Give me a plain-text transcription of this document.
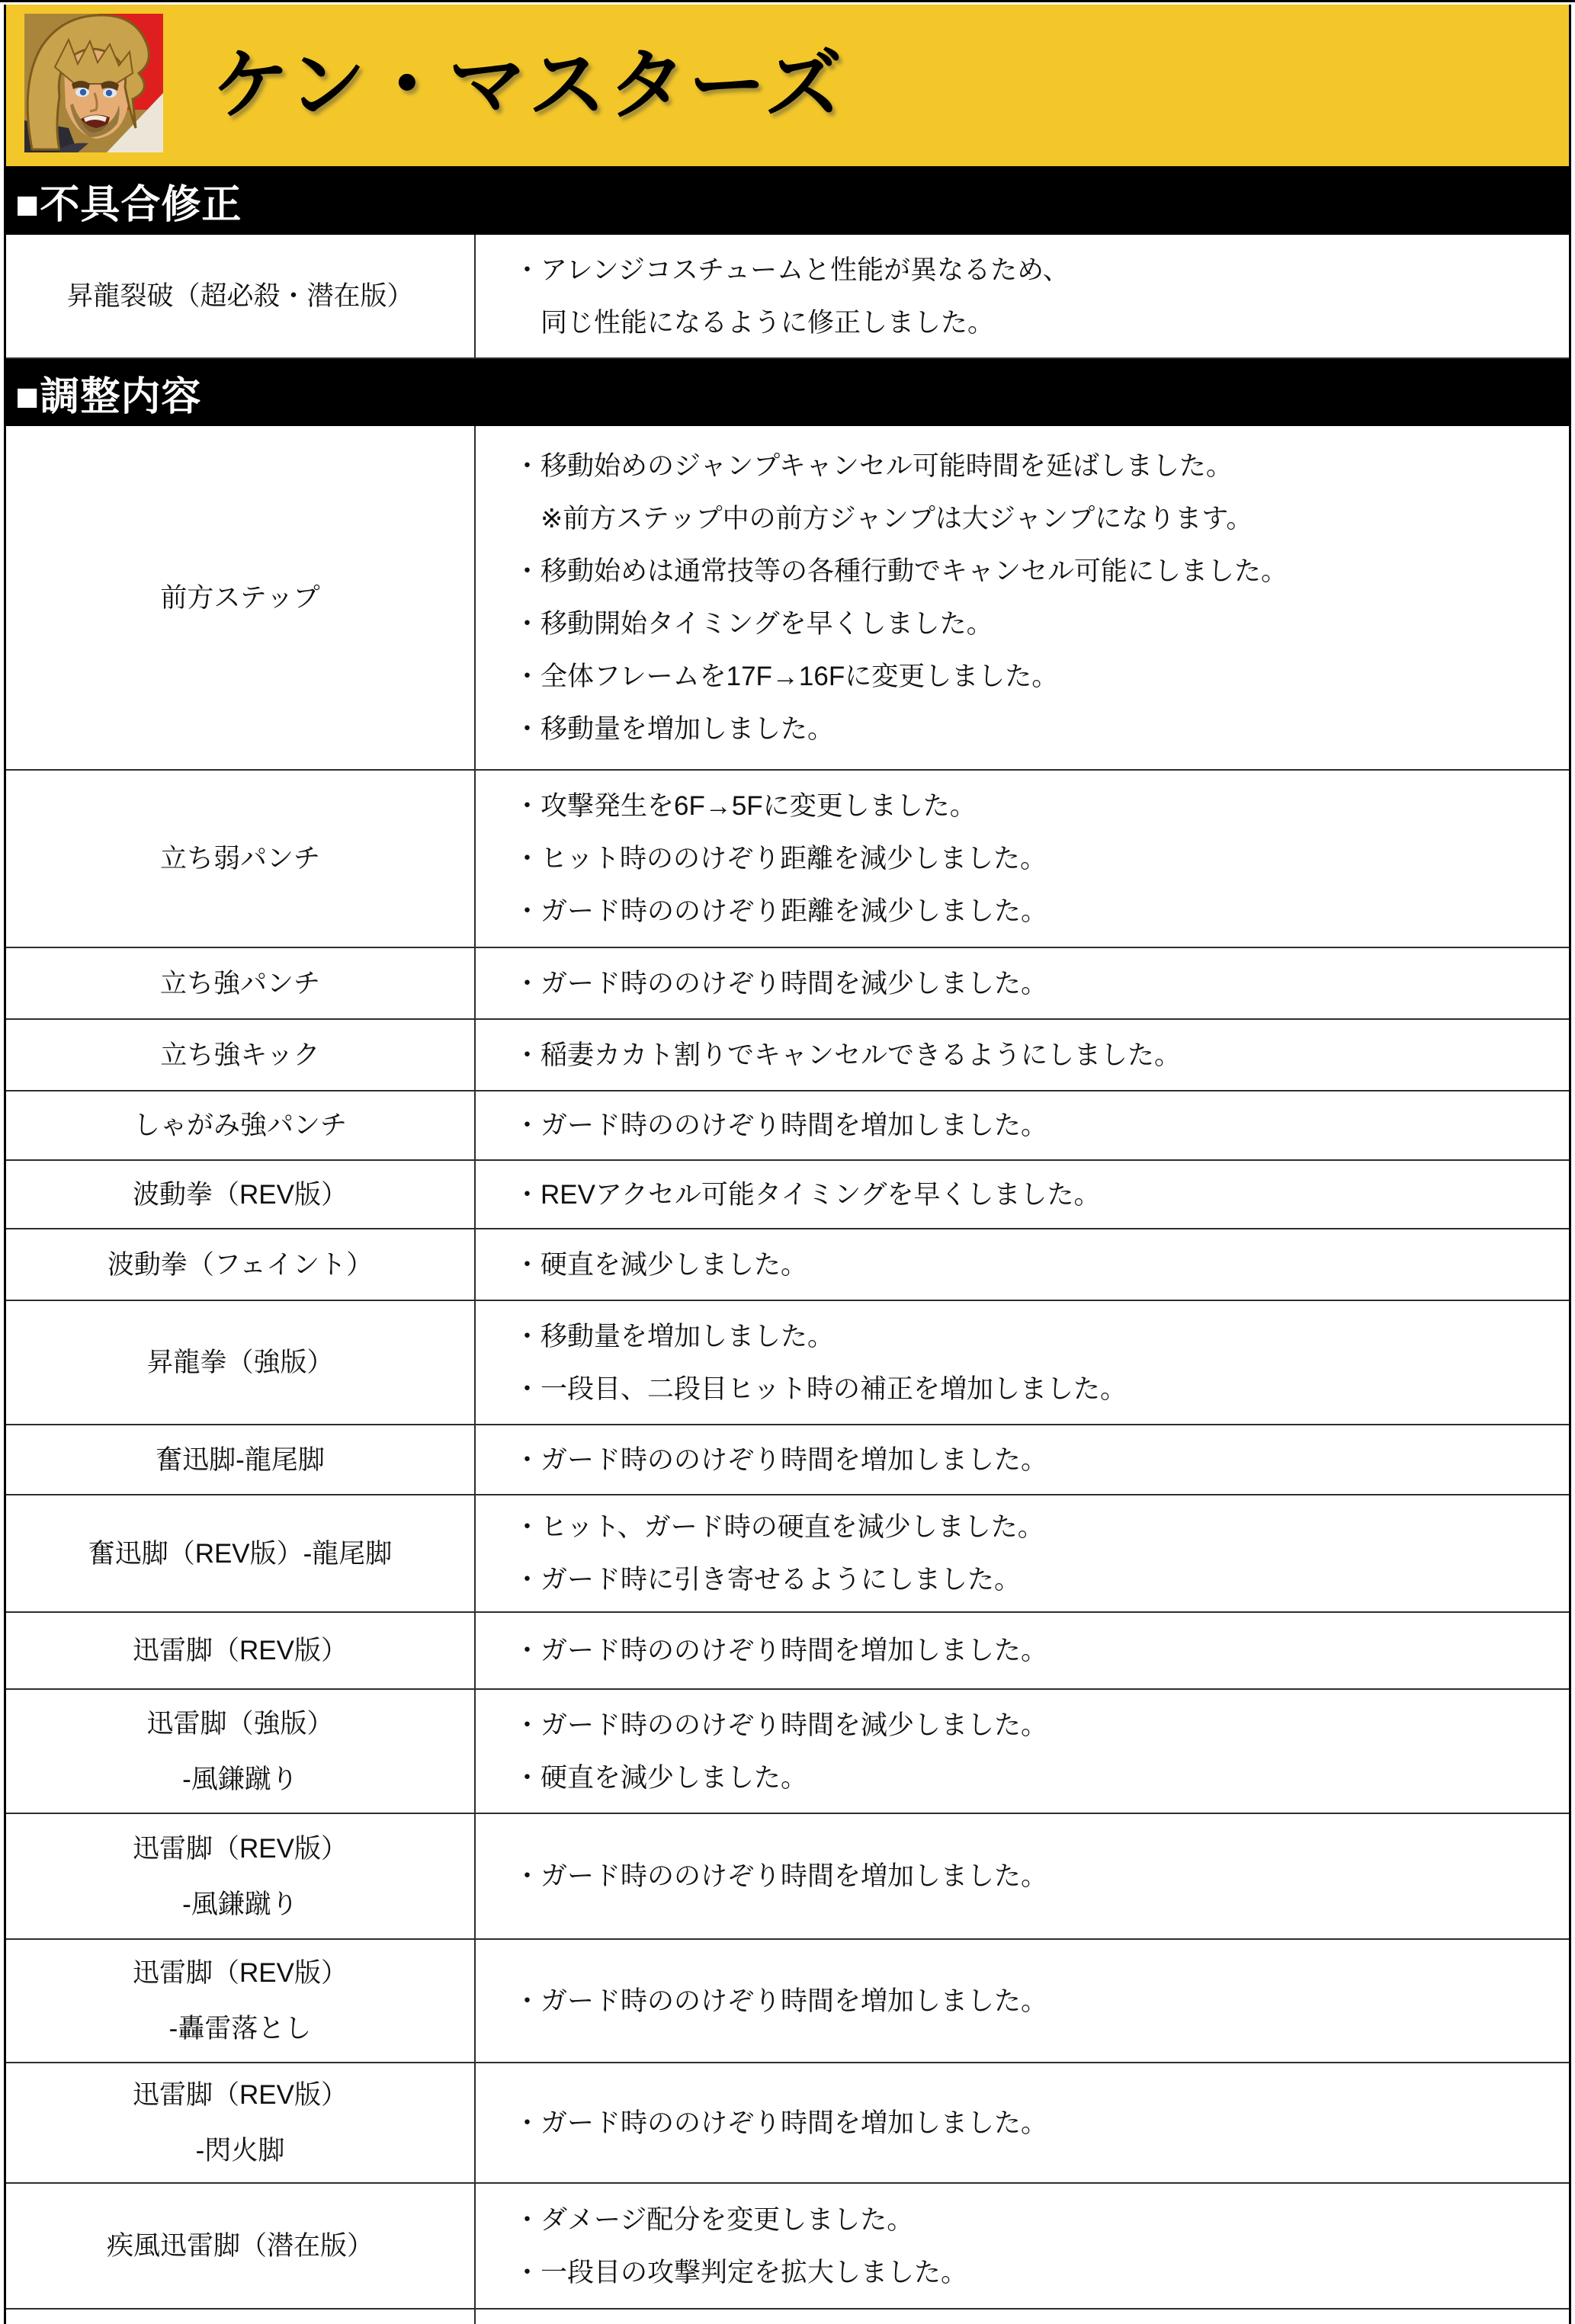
ケン・マスターズ
■不具合修正
昇龍裂破（超必殺・潜在版）
・アレンジコスチュームと性能が異なるため、
　同じ性能になるように修正しました。
■調整内容
前方ステップ
・移動始めのジャンプキャンセル可能時間を延ばしました。
　※前方ステップ中の前方ジャンプは大ジャンプになります。
・移動始めは通常技等の各種行動でキャンセル可能にしました。
・移動開始タイミングを早くしました。
・全体フレームを17F→16Fに変更しました。
・移動量を増加しました。
立ち弱パンチ
・攻撃発生を6F→5Fに変更しました。
・ヒット時ののけぞり距離を減少しました。
・ガード時ののけぞり距離を減少しました。
立ち強パンチ	・ガード時ののけぞり時間を減少しました。
立ち強キック	・稲妻カカト割りでキャンセルできるようにしました。
しゃがみ強パンチ	・ガード時ののけぞり時間を増加しました。
波動拳（REV版）	・REVアクセル可能タイミングを早くしました。
波動拳（フェイント）	・硬直を減少しました。
昇龍拳（強版）
・移動量を増加しました。
・一段目、二段目ヒット時の補正を増加しました。
奮迅脚-龍尾脚	・ガード時ののけぞり時間を増加しました。
奮迅脚（REV版）-龍尾脚
・ヒット、ガード時の硬直を減少しました。
・ガード時に引き寄せるようにしました。
迅雷脚（REV版）	・ガード時ののけぞり時間を増加しました。
迅雷脚（強版）
-風鎌蹴り
・ガード時ののけぞり時間を減少しました。
・硬直を減少しました。
迅雷脚（REV版）
-風鎌蹴り
・ガード時ののけぞり時間を増加しました。
迅雷脚（REV版）
-轟雷落とし
・ガード時ののけぞり時間を増加しました。
迅雷脚（REV版）
-閃火脚
・ガード時ののけぞり時間を増加しました。
疾風迅雷脚（潜在版）
・ダメージ配分を変更しました。
・一段目の攻撃判定を拡大しました。
